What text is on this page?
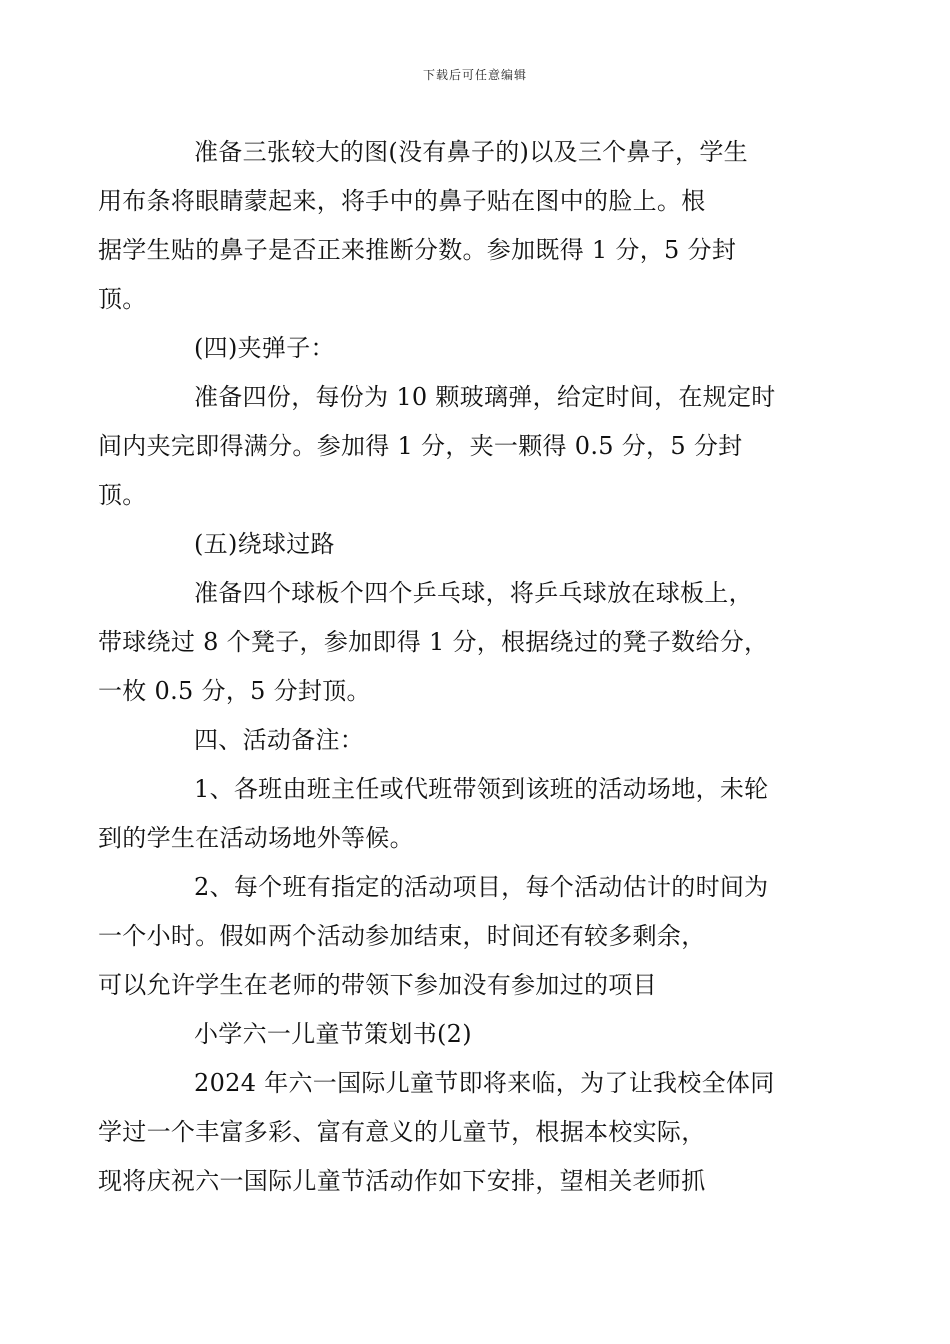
下载后可任意编辑

准备三张较大的图(没有鼻子的)以及三个鼻子，学生
用布条将眼睛蒙起来，将手中的鼻子贴在图中的脸上。根
据学生贴的鼻子是否正来推断分数。参加既得 1 分，5 分封
顶。

(四)夹弹子：

准备四份，每份为 10 颗玻璃弹，给定时间，在规定时
间内夹完即得满分。参加得 1 分，夹一颗得 0.5 分，5 分封
顶。

(五)绕球过路

准备四个球板个四个乒乓球，将乒乓球放在球板上，
带球绕过 8 个凳子，参加即得 1 分，根据绕过的凳子数给分，
一枚 0.5 分，5 分封顶。

四、活动备注：

1、各班由班主任或代班带领到该班的活动场地，未轮
到的学生在活动场地外等候。

2、每个班有指定的活动项目，每个活动估计的时间为
一个小时。假如两个活动参加结束，时间还有较多剩余，
可以允许学生在老师的带领下参加没有参加过的项目

小学六一儿童节策划书(2)

2024 年六一国际儿童节即将来临，为了让我校全体同
学过一个丰富多彩、富有意义的儿童节，根据本校实际，
现将庆祝六一国际儿童节活动作如下安排，望相关老师抓
